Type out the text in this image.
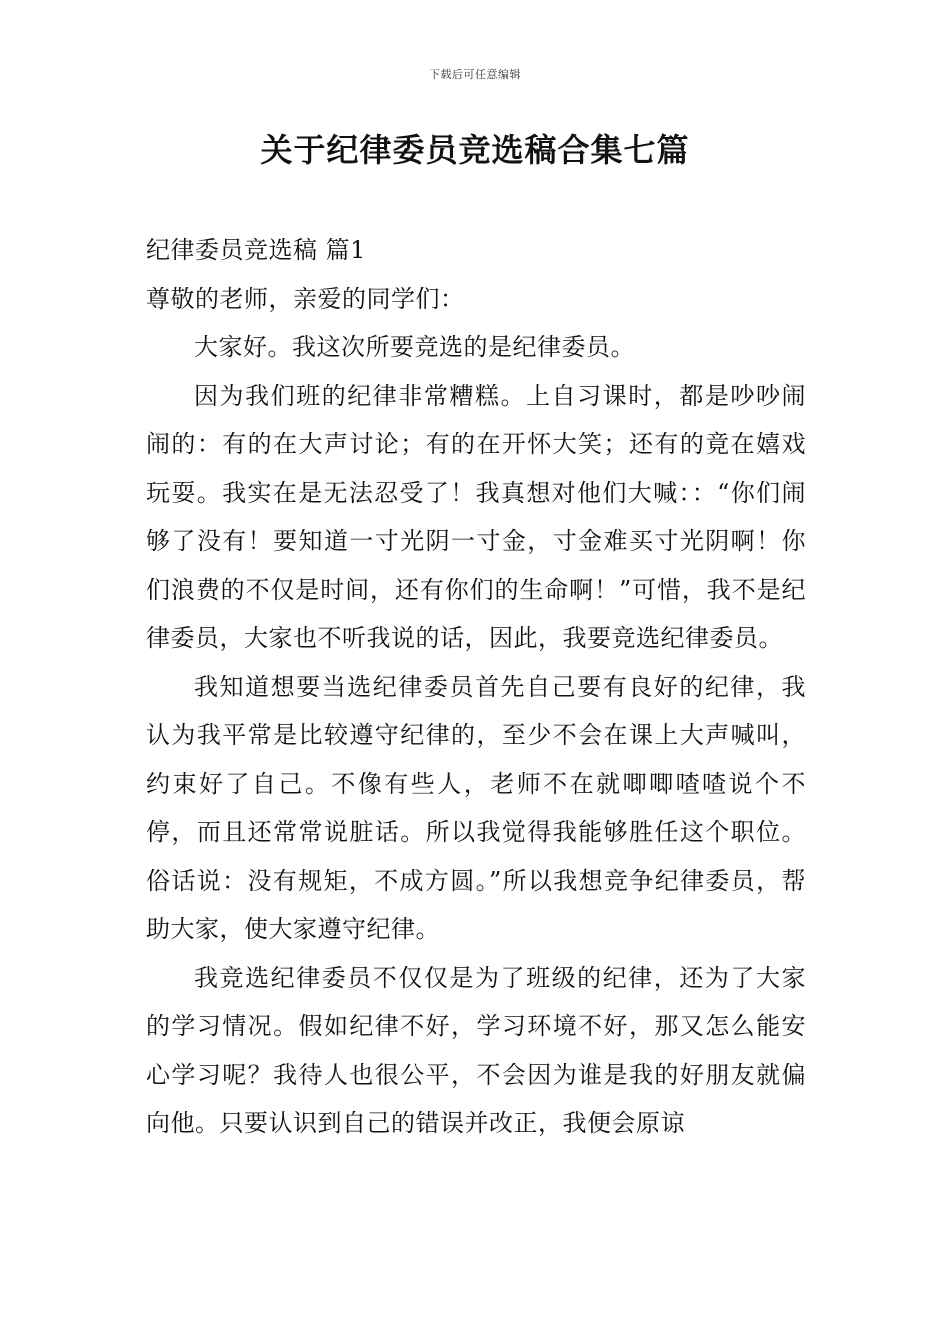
下载后可任意编辑
关于纪律委员竞选稿合集七篇
纪律委员竞选稿 篇1

尊敬的老师，亲爱的同学们：

大家好。我这次所要竞选的是纪律委员。

因为我们班的纪律非常糟糕。上自习课时，都是吵吵闹闹的：有的在大声讨论；有的在开怀大笑；还有的竟在嬉戏玩耍。我实在是无法忍受了！我真想对他们大喊：：“你们闹够了没有！要知道一寸光阴一寸金，寸金难买寸光阴啊！你们浪费的不仅是时间，还有你们的生命啊！”可惜，我不是纪律委员，大家也不听我说的话，因此，我要竞选纪律委员。

我知道想要当选纪律委员首先自己要有良好的纪律，我认为我平常是比较遵守纪律的，至少不会在课上大声喊叫，约束好了自己。不像有些人，老师不在就唧唧喳喳说个不停，而且还常常说脏话。所以我觉得我能够胜任这个职位。俗话说：没有规矩，不成方圆。”所以我想竞争纪律委员，帮助大家，使大家遵守纪律。

我竞选纪律委员不仅仅是为了班级的纪律，还为了大家的学习情况。假如纪律不好，学习环境不好，那又怎么能安心学习呢？我待人也很公平，不会因为谁是我的好朋友就偏向他。只要认识到自己的错误并改正，我便会原谅
